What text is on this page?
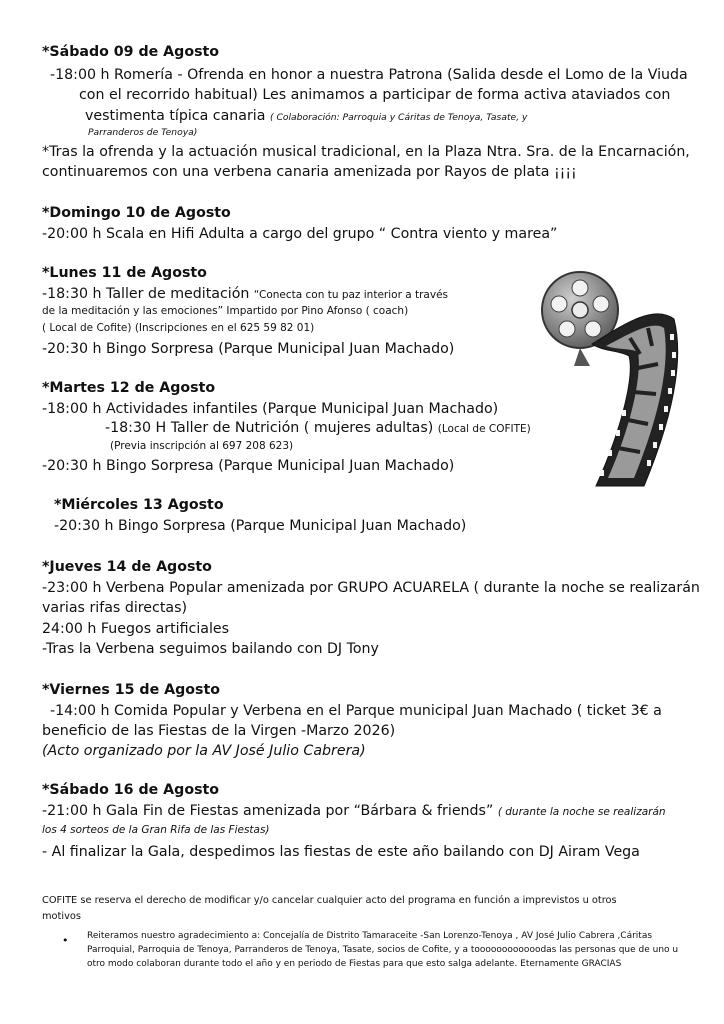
*Sábado 09 de Agosto
-18:00 h Romería - Ofrenda en honor a nuestra Patrona (Salida desde el Lomo de la Viuda
con el recorrido habitual) Les animamos a participar de forma activa ataviados con
vestimenta típica canaria ( Colaboración: Parroquia y Cáritas de Tenoya, Tasate, y
Parranderos de Tenoya)
*Tras la ofrenda y la actuación musical tradicional, en la Plaza Ntra. Sra. de la Encarnación,
continuaremos con una verbena canaria amenizada por Rayos de plata ¡¡¡¡
*Domingo 10 de Agosto
-20:00 h Scala en Hifi Adulta a cargo del grupo “ Contra viento y marea”
*Lunes 11 de Agosto
-18:30 h Taller de meditación “Conecta con tu paz interior a través
de la meditación y las emociones” Impartido por Pino Afonso ( coach)
( Local de Cofite) (Inscripciones en el 625 59 82 01)
-20:30 h Bingo Sorpresa (Parque Municipal Juan Machado)
*Martes 12 de Agosto
-18:00 h Actividades infantiles (Parque Municipal Juan Machado)
-18:30 H Taller de Nutrición ( mujeres adultas) (Local de COFITE)
(Previa inscripción al 697 208 623)
-20:30 h Bingo Sorpresa (Parque Municipal Juan Machado)
*Miércoles 13 Agosto
-20:30 h Bingo Sorpresa (Parque Municipal Juan Machado)
*Jueves 14 de Agosto
-23:00 h Verbena Popular amenizada por GRUPO ACUARELA ( durante la noche se realizarán
varias rifas directas)
24:00 h Fuegos artificiales
-Tras la Verbena seguimos bailando con DJ Tony
*Viernes 15 de Agosto
-14:00 h Comida Popular y Verbena en el Parque municipal Juan Machado ( ticket 3€ a
beneficio de las Fiestas de la Virgen -Marzo 2026)
(Acto organizado por la AV José Julio Cabrera)
*Sábado 16 de Agosto
-21:00 h Gala Fin de Fiestas amenizada por “Bárbara & friends” ( durante la noche se realizarán
los 4 sorteos de la Gran Rifa de las Fiestas)
- Al finalizar la Gala, despedimos las fiestas de este año bailando con DJ Airam Vega
COFITE se reserva el derecho de modificar y/o cancelar cualquier acto del programa en función a imprevistos u otros
motivos
• Reiteramos nuestro agradecimiento a: Concejalía de Distrito Tamaraceite -San Lorenzo-Tenoya , AV José Julio Cabrera ,Cáritas
Parroquial, Parroquia de Tenoya, Parranderos de Tenoya, Tasate, socios de Cofite, y a toooooooooooodas las personas que de uno u
otro modo colaboran durante todo el año y en periodo de Fiestas para que esto salga adelante. Eternamente GRACIAS
